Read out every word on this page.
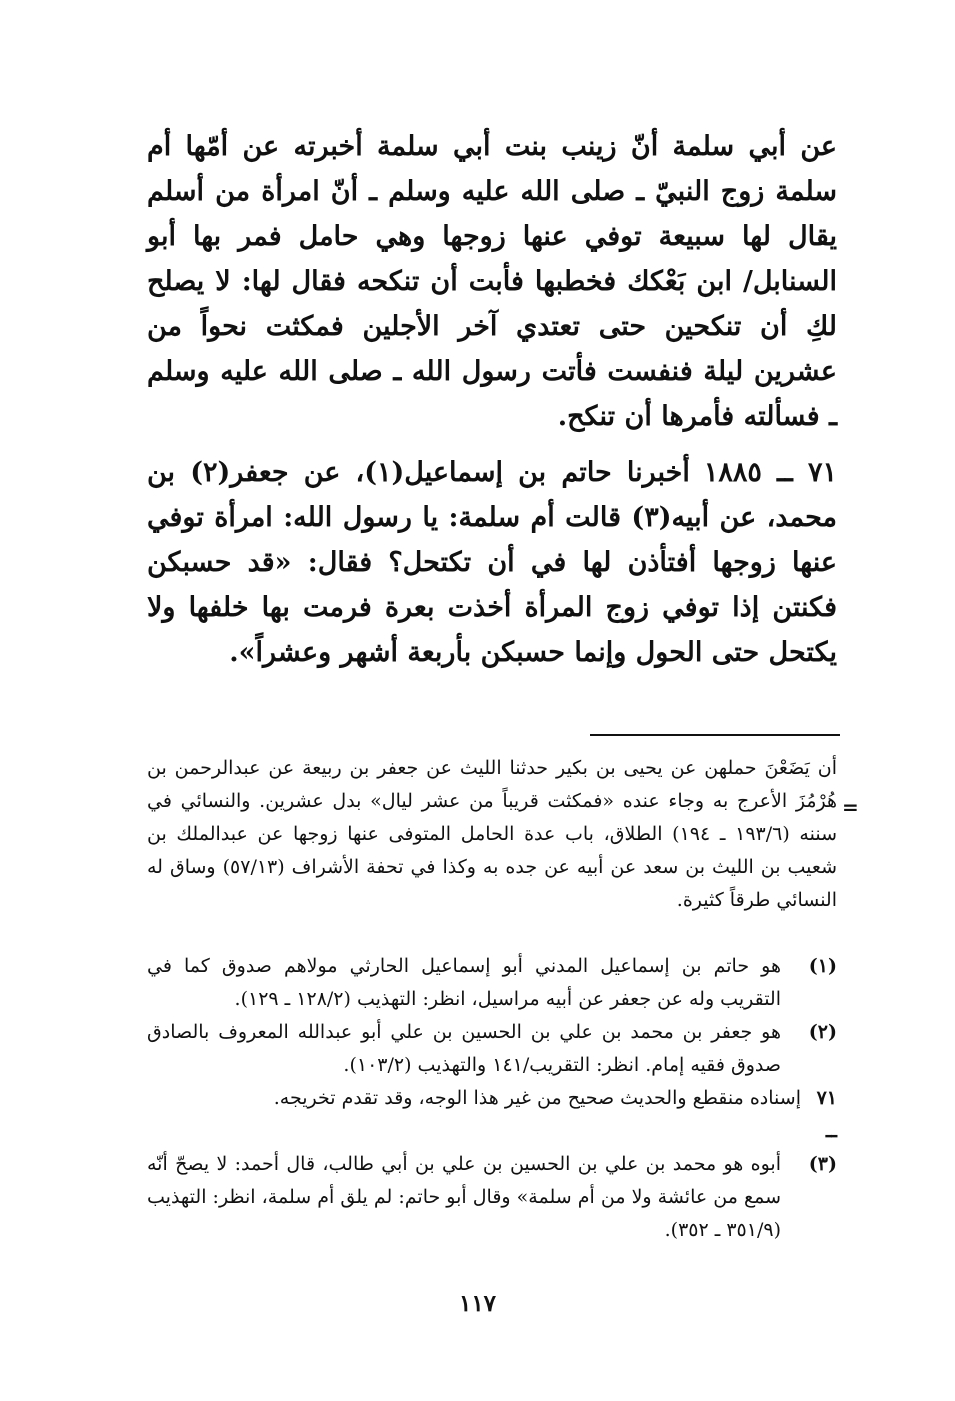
عن أبي سلمة أنّ زينب بنت أبي سلمة أخبرته عن أمّها أم سلمة زوج النبيّ ـ صلى الله عليه وسلم ـ أنّ امرأة من أسلم يقال لها سبيعة توفي عنها زوجها وهي حامل فمر بها أبو السنابل/ ابن بَعْكك فخطبها فأبت أن تنكحه فقال لها: لا يصلح لكِ أن تنكحين حتى تعتدي آخر الأجلين فمكثت نحواً من عشرين ليلة فنفست فأتت رسول الله ـ صلى الله عليه وسلم ـ فسألته فأمرها أن تنكح.

٧١ ــ ١٨٨٥أخبرنا حاتم بن إسماعيل(١)، عن جعفر(٢) بن محمد، عن أبيه(٣) قالت أم سلمة: يا رسول الله: امرأة توفي عنها زوجها أفتأذن لها في أن تكتحل؟ فقال: «قد حسبكن فكنتن إذا توفي زوج المرأة أخذت بعرة فرمت بها خلفها ولا يكتحل حتى الحول وإنما حسبكن بأربعة أشهر وعشراً».

=
أن يَضَعْنَ حملهن عن يحيى بن بكير حدثنا الليث عن جعفر بن ربيعة عن عبدالرحمن بن هُرْمُزَ الأعرج به وجاء عنده «فمكثت قريباً من عشر ليال» بدل عشرين. والنسائي في سننه (١٩٣/٦ ـ ١٩٤) الطلاق، باب عدة الحامل المتوفى عنها زوجها عن عبدالملك بن شعيب بن الليث بن سعد عن أبيه عن جده به وكذا في تحفة الأشراف (٥٧/١٣) وساق له النسائي طرقاً كثيرة.
(١)
هو حاتم بن إسماعيل المدني أبو إسماعيل الحارثي مولاهم صدوق كما في التقريب وله عن جعفر عن أبيه مراسيل، انظر: التهذيب (١٢٨/٢ ـ ١٢٩).
(٢)
هو جعفر بن محمد بن علي بن الحسين بن علي أبو عبدالله المعروف بالصادق صدوق فقيه إمام. انظر: التقريب/١٤١ والتهذيب (١٠٣/٢).
٧١ ــ
إسناده منقطع والحديث صحيح من غير هذا الوجه، وقد تقدم تخريجه.
(٣)
أبوه هو محمد بن علي بن الحسين بن علي بن أبي طالب، قال أحمد: لا يصحّ أنّه سمع من عائشة ولا من أم سلمة» وقال أبو حاتم: لم يلق أم سلمة، انظر: التهذيب (٣٥١/٩ ـ ٣٥٢).
١١٧
